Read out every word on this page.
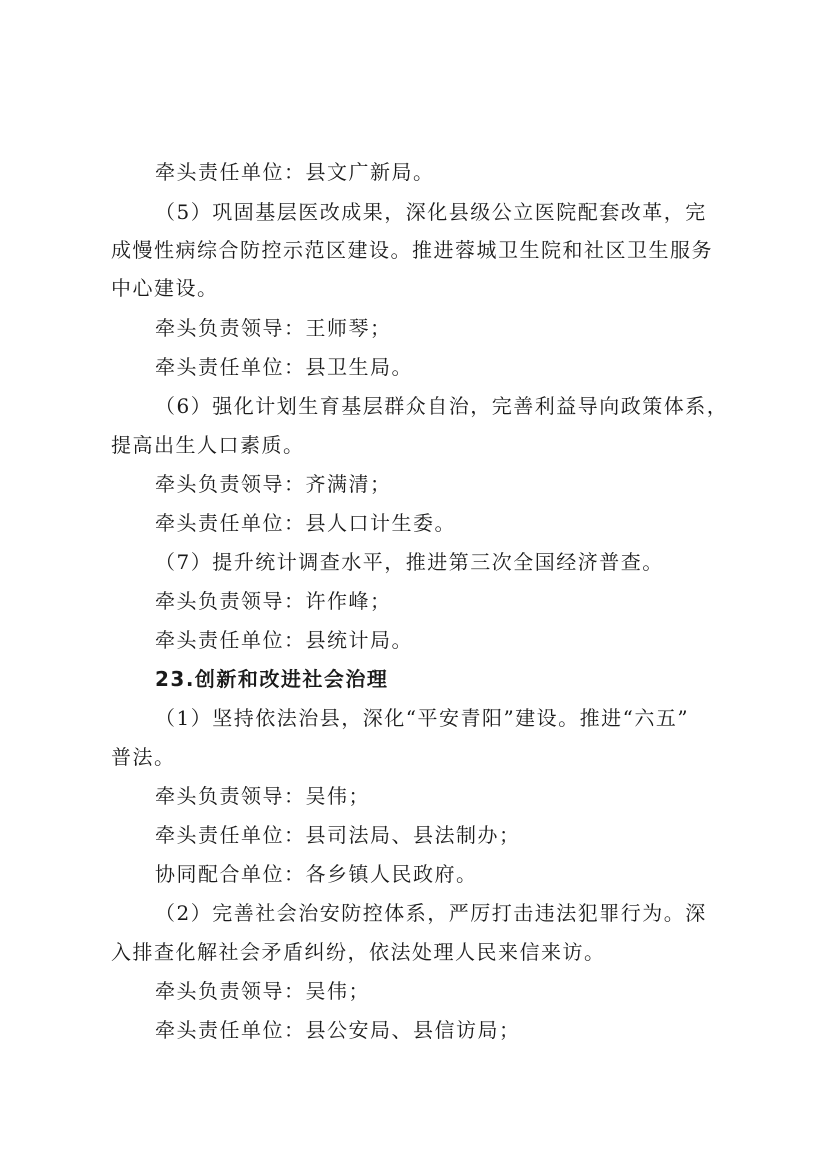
牵头责任单位：县文广新局。
（5）巩固基层医改成果，深化县级公立医院配套改革，完
成慢性病综合防控示范区建设。推进蓉城卫生院和社区卫生服务
中心建设。
牵头负责领导：王师琴；
牵头责任单位：县卫生局。
（6）强化计划生育基层群众自治，完善利益导向政策体系，
提高出生人口素质。
牵头负责领导：齐满清；
牵头责任单位：县人口计生委。
（7）提升统计调查水平，推进第三次全国经济普查。
牵头负责领导：许作峰；
牵头责任单位：县统计局。
23.创新和改进社会治理
（1）坚持依法治县，深化“平安青阳”建设。推进“六五”
普法。
牵头负责领导：吴伟；
牵头责任单位：县司法局、县法制办；
协同配合单位：各乡镇人民政府。
（2）完善社会治安防控体系，严厉打击违法犯罪行为。深
入排查化解社会矛盾纠纷，依法处理人民来信来访。
牵头负责领导：吴伟；
牵头责任单位：县公安局、县信访局；
